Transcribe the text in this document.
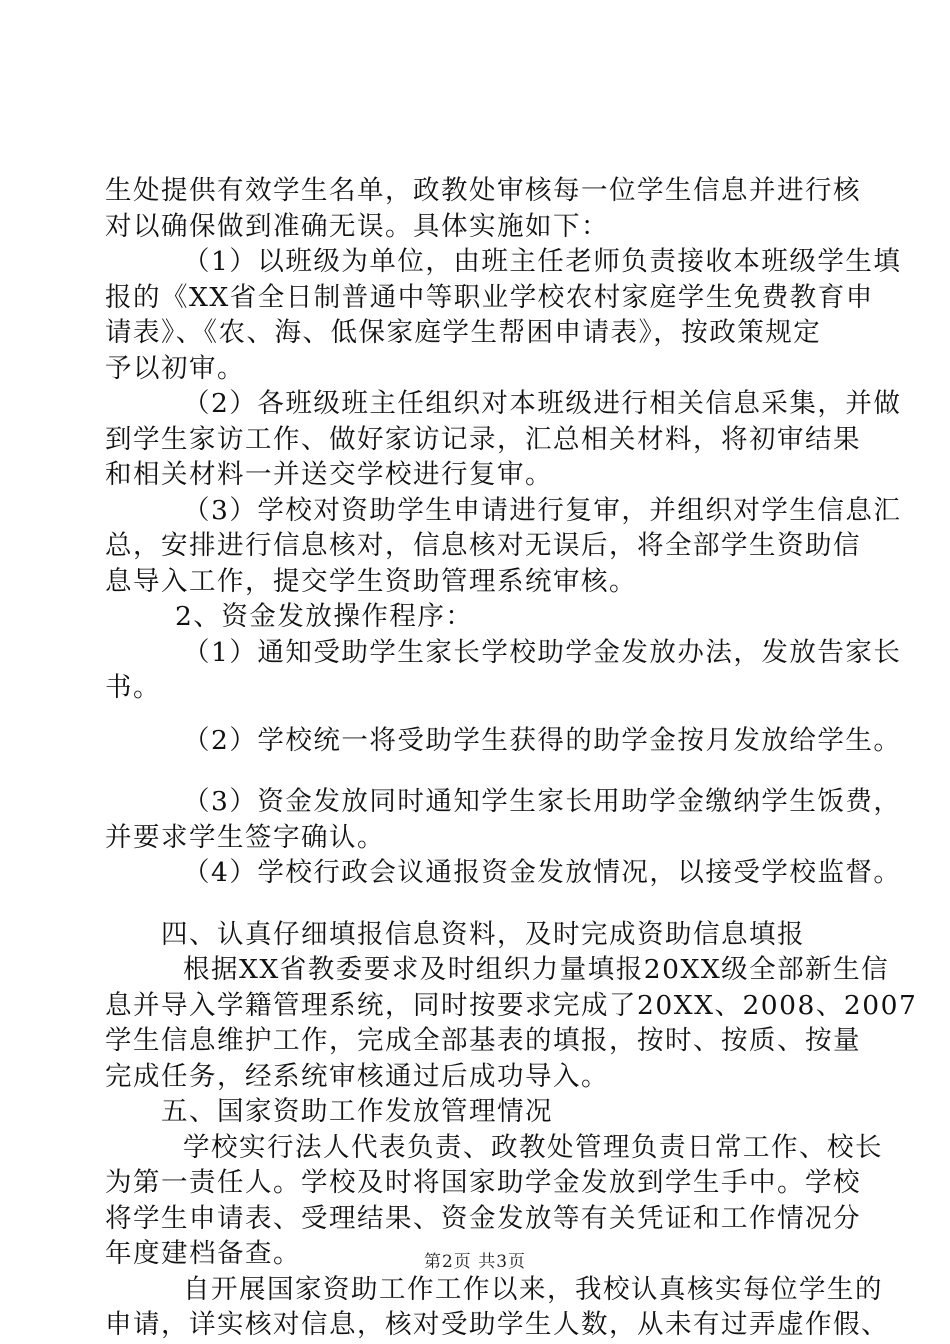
生处提供有效学生名单，政教处审核每一位学生信息并进行核
对以确保做到准确无误。具体实施如下：
（1）以班级为单位，由班主任老师负责接收本班级学生填
报的《XX省全日制普通中等职业学校农村家庭学生免费教育申
请表》、《农、海、低保家庭学生帮困申请表》，按政策规定
予以初审。
（2）各班级班主任组织对本班级进行相关信息采集，并做
到学生家访工作、做好家访记录，汇总相关材料，将初审结果
和相关材料一并送交学校进行复审。
（3）学校对资助学生申请进行复审，并组织对学生信息汇
总，安排进行信息核对，信息核对无误后，将全部学生资助信
息导入工作，提交学生资助管理系统审核。
2、资金发放操作程序：
（1）通知受助学生家长学校助学金发放办法，发放告家长
书。
（2）学校统一将受助学生获得的助学金按月发放给学生。
（3）资金发放同时通知学生家长用助学金缴纳学生饭费，
并要求学生签字确认。
（4）学校行政会议通报资金发放情况，以接受学校监督。
四、认真仔细填报信息资料，及时完成资助信息填报
根据XX省教委要求及时组织力量填报20XX级全部新生信
息并导入学籍管理系统，同时按要求完成了20XX、2008、2007
学生信息维护工作，完成全部基表的填报，按时、按质、按量
完成任务，经系统审核通过后成功导入。
五、国家资助工作发放管理情况
学校实行法人代表负责、政教处管理负责日常工作、校长
为第一责任人。学校及时将国家助学金发放到学生手中。学校
将学生申请表、受理结果、资金发放等有关凭证和工作情况分
年度建档备查。
自开展国家资助工作工作以来，我校认真核实每位学生的
申请，详实核对信息，核对受助学生人数，从未有过弄虚作假、
第2页 共3页
